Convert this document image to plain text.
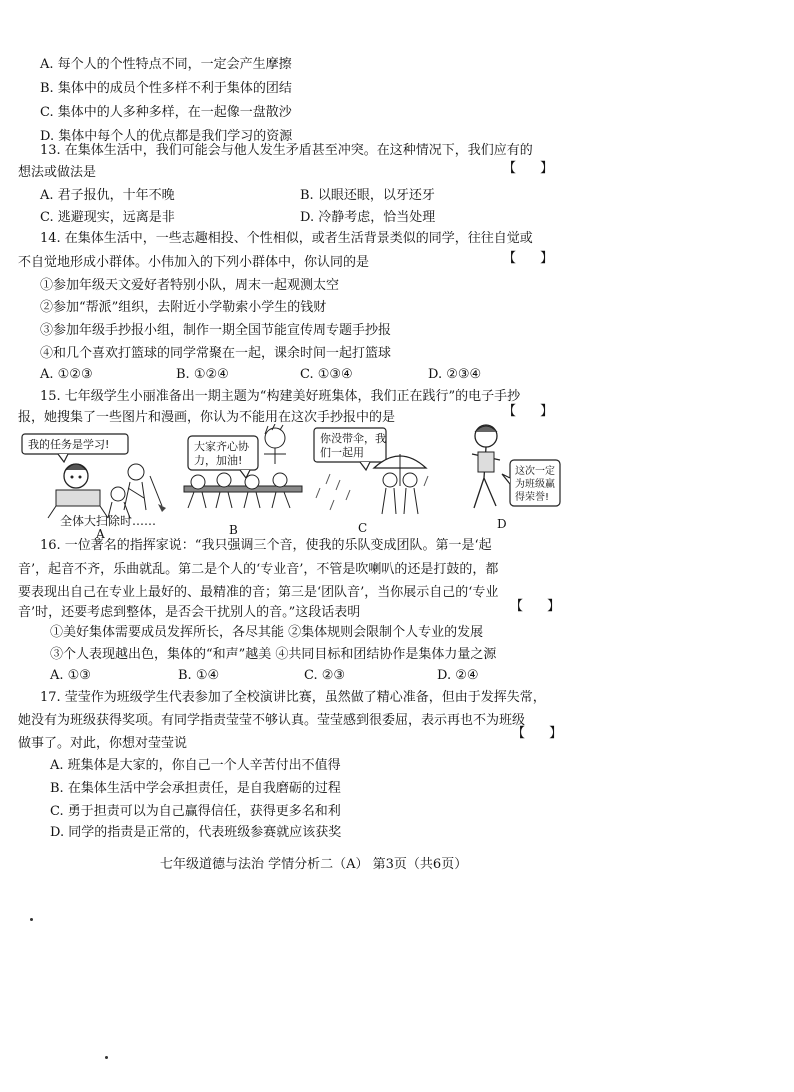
A. 每个人的个性特点不同，一定会产生摩擦
B. 集体中的成员个性多样不利于集体的团结
C. 集体中的人多种多样，在一起像一盘散沙
D. 集体中每个人的优点都是我们学习的资源
13. 在集体生活中，我们可能会与他人发生矛盾甚至冲突。在这种情况下，我们应有的
想法或做法是	【 】
A. 君子报仇，十年不晚	B. 以眼还眼，以牙还牙
C. 逃避现实，远离是非	D. 冷静考虑，恰当处理
14. 在集体生活中，一些志趣相投、个性相似，或者生活背景类似的同学，往往自觉或
不自觉地形成小群体。小伟加入的下列小群体中，你认同的是	【 】
①参加年级天文爱好者特别小队，周末一起观测太空
②参加“帮派”组织，去附近小学勒索小学生的钱财
③参加年级手抄报小组，制作一期全国节能宣传周专题手抄报
④和几个喜欢打篮球的同学常聚在一起，课余时间一起打篮球
A. ①②③	B. ①②④	C. ①③④	D. ②③④
15. 七年级学生小丽准备出一期主题为“构建美好班集体，我们正在践行”的电子手抄
报，她搜集了一些图片和漫画，你认为不能用在这次手抄报中的是	【 】
我的任务是学习!
全体大扫除时……
A
大家齐心协
力，加油!
B
你没带伞，我
们一起用
C
这次一定
为班级赢
得荣誉!
D
16. 一位著名的指挥家说：“我只强调三个音，使我的乐队变成团队。第一是‘起
音’，起音不齐，乐曲就乱。第二是个人的‘专业音’，不管是吹喇叭的还是打鼓的，都
要表现出自己在专业上最好的、最精准的音；第三是‘团队音’，当你展示自己的‘专业
音’时，还要考虑到整体，是否会干扰别人的音。”这段话表明	【 】
①美好集体需要成员发挥所长，各尽其能 ②集体规则会限制个人专业的发展
③个人表现越出色，集体的“和声”越美 ④共同目标和团结协作是集体力量之源
A. ①③	B. ①④	C. ②③	D. ②④
17. 莹莹作为班级学生代表参加了全校演讲比赛，虽然做了精心准备，但由于发挥失常，
她没有为班级获得奖项。有同学指责莹莹不够认真。莹莹感到很委屈，表示再也不为班级
做事了。对此，你想对莹莹说
【 】
A. 班集体是大家的，你自己一个人辛苦付出不值得
B. 在集体生活中学会承担责任，是自我磨砺的过程
C. 勇于担责可以为自己赢得信任，获得更多名和利
D. 同学的指责是正常的，代表班级参赛就应该获奖
七年级道德与法治 学情分析二（A） 第3页（共6页）
